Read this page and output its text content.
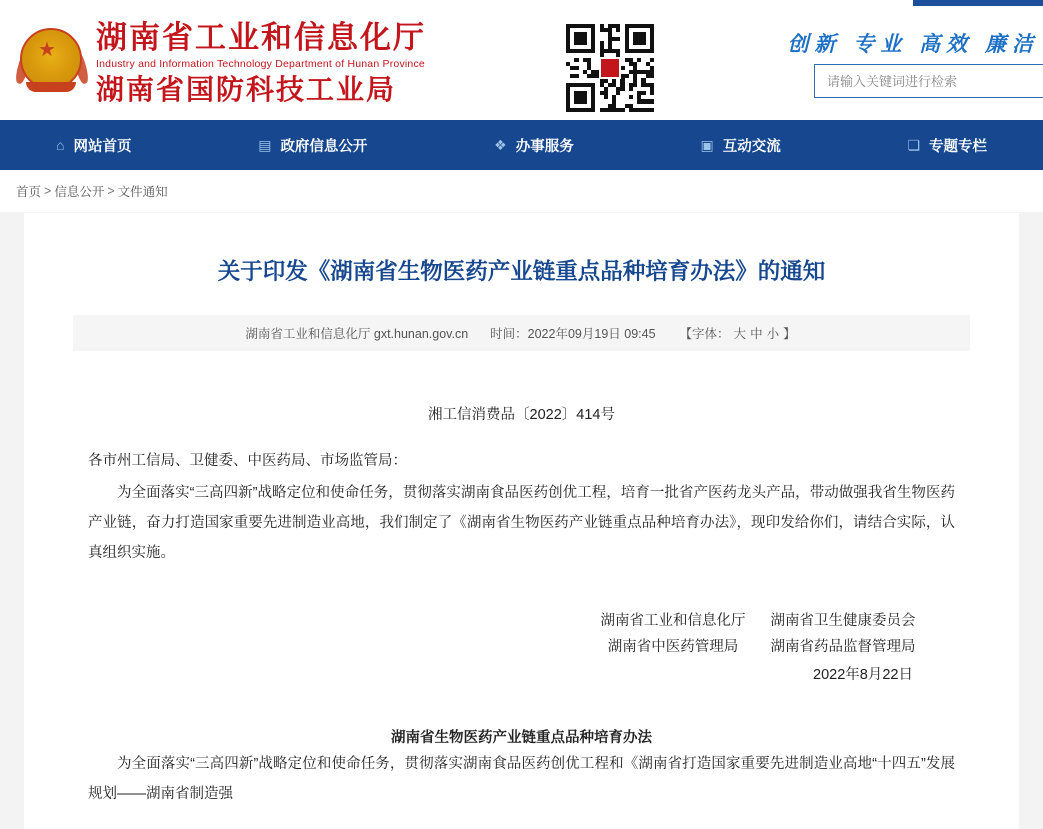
★ 湖南省工业和信息化厅
Industry and Information Technology Department of Hunan Province
湖南省国防科技工业局
创新 专业 高效 廉洁
请输入关键词进行检索
⌂ 网站首页	▤ 政府信息公开	❖ 办事服务	▣ 互动交流	❏ 专题专栏
首页 > 信息公开 > 文件通知
关于印发《湖南省生物医药产业链重点品种培育办法》的通知
湖南省工业和信息化厅 gxt.hunan.gov.cn 时间：2022年09月19日 09:45 【字体： 大 中 小 】
湘工信消费品〔2022〕414号

各市州工信局、卫健委、中医药局、市场监管局：

为全面落实“三高四新”战略定位和使命任务，贯彻落实湖南食品医药创优工程，培育一批省产医药龙头产品，带动做强我省生物医药产业链，奋力打造国家重要先进制造业高地，我们制定了《湖南省生物医药产业链重点品种培育办法》，现印发给你们，请结合实际，认真组织实施。

湖南省工业和信息化厅 湖南省卫生健康委员会
湖南省中医药管理局	湖南省药品监督管理局
2022年8月22日
湖南省生物医药产业链重点品种培育办法

为全面落实“三高四新”战略定位和使命任务，贯彻落实湖南食品医药创优工程和《湖南省打造国家重要先进制造业高地“十四五”发展规划——湖南省制造强
